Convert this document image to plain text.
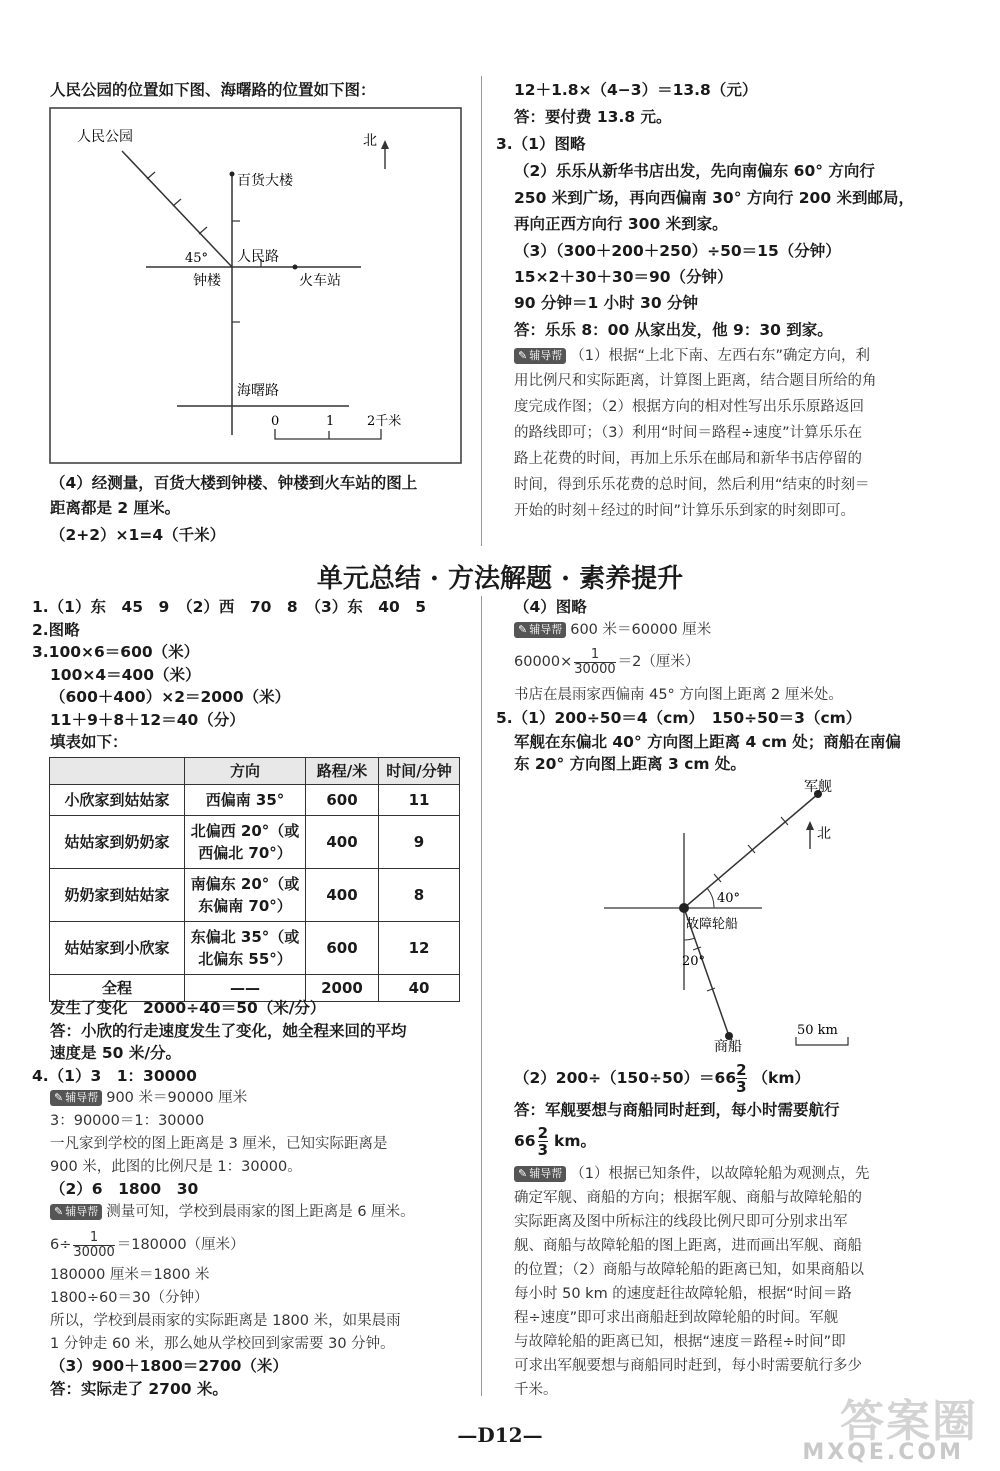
人民公园的位置如下图、海曙路的位置如下图：
人民公园	北
百货大楼
45° 人民路
钟楼	火车站
海曙路
0	1	2千米
（4）经测量，百货大楼到钟楼、钟楼到火车站的图上
距离都是 2 厘米。
（2+2）×1=4（千米）
12＋1.8×（4−3）＝13.8（元）
答：要付费 13.8 元。
3.（1）图略
（2）乐乐从新华书店出发，先向南偏东 60° 方向行
250 米到广场，再向西偏南 30° 方向行 200 米到邮局，
再向正西方向行 300 米到家。
（3）（300＋200＋250）÷50＝15（分钟）
15×2＋30＋30＝90（分钟）
90 分钟＝1 小时 30 分钟
答：乐乐 8：00 从家出发，他 9：30 到家。
✎ 辅导帮 （1）根据“上北下南、左西右东”确定方向，利
用比例尺和实际距离，计算图上距离，结合题目所给的角
度完成作图；（2）根据方向的相对性写出乐乐原路返回
的路线即可；（3）利用“时间＝路程÷速度”计算乐乐在
路上花费的时间，再加上乐乐在邮局和新华书店停留的
时间，得到乐乐花费的总时间，然后利用“结束的时刻＝
开始的时刻＋经过的时间”计算乐乐到家的时刻即可。
单元总结 · 方法解题 · 素养提升
1.（1）东　45　9　（2）西　70　8　（3）东　40　5
2.图略
3.100×6＝600（米）
100×4＝400（米）
（600＋400）×2＝2000（米）
11＋9＋8＋12＝40（分）
填表如下：
	方向	路程/米	时间/分钟
小欣家到姑姑家	西偏南 35°	600	11
姑姑家到奶奶家	北偏西 20°（或
西偏北 70°）	400	9
奶奶家到姑姑家	南偏东 20°（或
东偏南 70°）	400	8
姑姑家到小欣家	东偏北 35°（或
北偏东 55°）	600	12
全程	——	2000	40
发生了变化　2000÷40＝50（米/分）
答：小欣的行走速度发生了变化，她全程来回的平均
速度是 50 米/分。
4.（1）3　1：30000
✎ 辅导帮 900 米＝90000 厘米
3：90000＝1：30000
一凡家到学校的图上距离是 3 厘米，已知实际距离是
900 米，此图的比例尺是 1：30000。
（2）6　1800　30
✎ 辅导帮 测量可知，学校到晨雨家的图上距离是 6 厘米。
$6\div \frac{1}{30000} =180000$（厘米）
180000 厘米＝1800 米
1800÷60＝30（分钟）
所以，学校到晨雨家的实际距离是 1800 米，如果晨雨
1 分钟走 60 米，那么她从学校回到家需要 30 分钟。
（3）900＋1800＝2700（米）
答：实际走了 2700 米。
（4）图略
✎ 辅导帮 600 米＝60000 厘米
$60000\times \frac{1}{30000} =2$（厘米）
书店在晨雨家西偏南 45° 方向图上距离 2 厘米处。
5.（1）200÷50＝4（cm）　150÷50＝3（cm）
军舰在东偏北 40° 方向图上距离 4 cm 处；商船在南偏
东 20° 方向图上距离 3 cm 处。
军舰
北
40°
故障轮船
20°
商船
50 km
$(2)200\div(150\div 50)=66 \frac{2}{3} (km)$
答：军舰要想与商船同时赶到，每小时需要航行
$66 \frac{2}{3}$ km。
✎ 辅导帮 （1）根据已知条件，以故障轮船为观测点，先
确定军舰、商船的方向；根据军舰、商船与故障轮船的
实际距离及图中所标注的线段比例尺即可分别求出军
舰、商船与故障轮船的图上距离，进而画出军舰、商船
的位置；（2）商船与故障轮船的距离已知，如果商船以
每小时 50 km 的速度赶往故障轮船，根据“时间＝路
程÷速度”即可求出商船赶到故障轮船的时间。军舰
与故障轮船的距离已知，根据“速度＝路程÷时间”即
可求出军舰要想与商船同时赶到，每小时需要航行多少
千米。
—D12—	答案圈
MXQE.COM
